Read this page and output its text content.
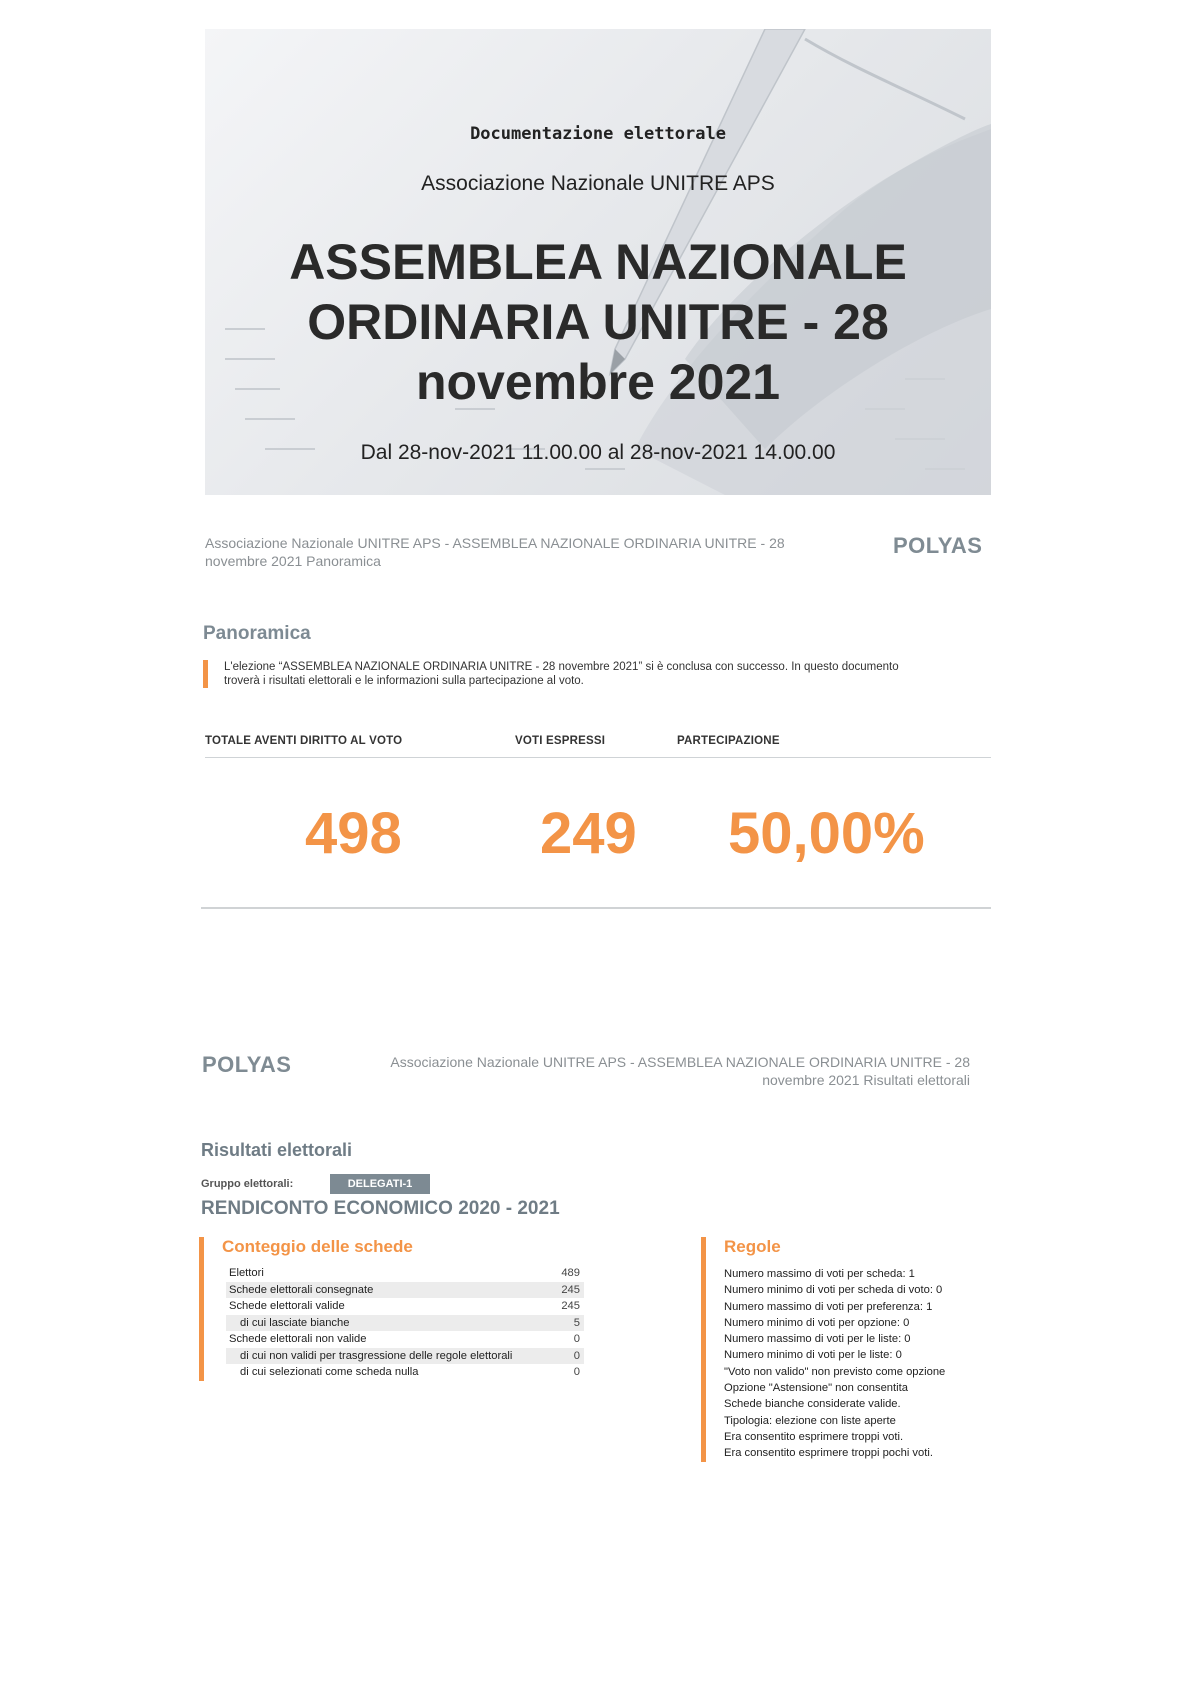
Documentazione elettorale
Associazione Nazionale UNITRE APS
ASSEMBLEA NAZIONALE
ORDINARIA UNITRE - 28
novembre 2021
Dal 28-nov-2021 11.00.00 al 28-nov-2021 14.00.00
Associazione Nazionale UNITRE APS - ASSEMBLEA NAZIONALE ORDINARIA UNITRE - 28
novembre 2021 Panoramica
POLYAS
Panoramica
L'elezione “ASSEMBLEA NAZIONALE ORDINARIA UNITRE - 28 novembre 2021” si è conclusa con successo. In questo documento
troverà i risultati elettorali e le informazioni sulla partecipazione al voto.
TOTALE AVENTI DIRITTO AL VOTO	VOTI ESPRESSI	PARTECIPAZIONE
498 249 50,00%
POLYAS	Associazione Nazionale UNITRE APS - ASSEMBLEA NAZIONALE ORDINARIA UNITRE - 28
novembre 2021 Risultati elettorali
Risultati elettorali
Gruppo elettorali:	DELEGATI-1
RENDICONTO ECONOMICO 2020 - 2021
Conteggio delle schede
Elettori	489
Schede elettorali consegnate	245
Schede elettorali valide	245
di cui lasciate bianche	5
Schede elettorali non valide	0
di cui non validi per trasgressione delle regole elettorali	0
di cui selezionati come scheda nulla	0
Regole
Numero massimo di voti per scheda: 1
Numero minimo di voti per scheda di voto: 0
Numero massimo di voti per preferenza: 1
Numero minimo di voti per opzione: 0
Numero massimo di voti per le liste: 0
Numero minimo di voti per le liste: 0
"Voto non valido" non previsto come opzione
Opzione "Astensione" non consentita
Schede bianche considerate valide.
Tipologia: elezione con liste aperte
Era consentito esprimere troppi voti.
Era consentito esprimere troppi pochi voti.
